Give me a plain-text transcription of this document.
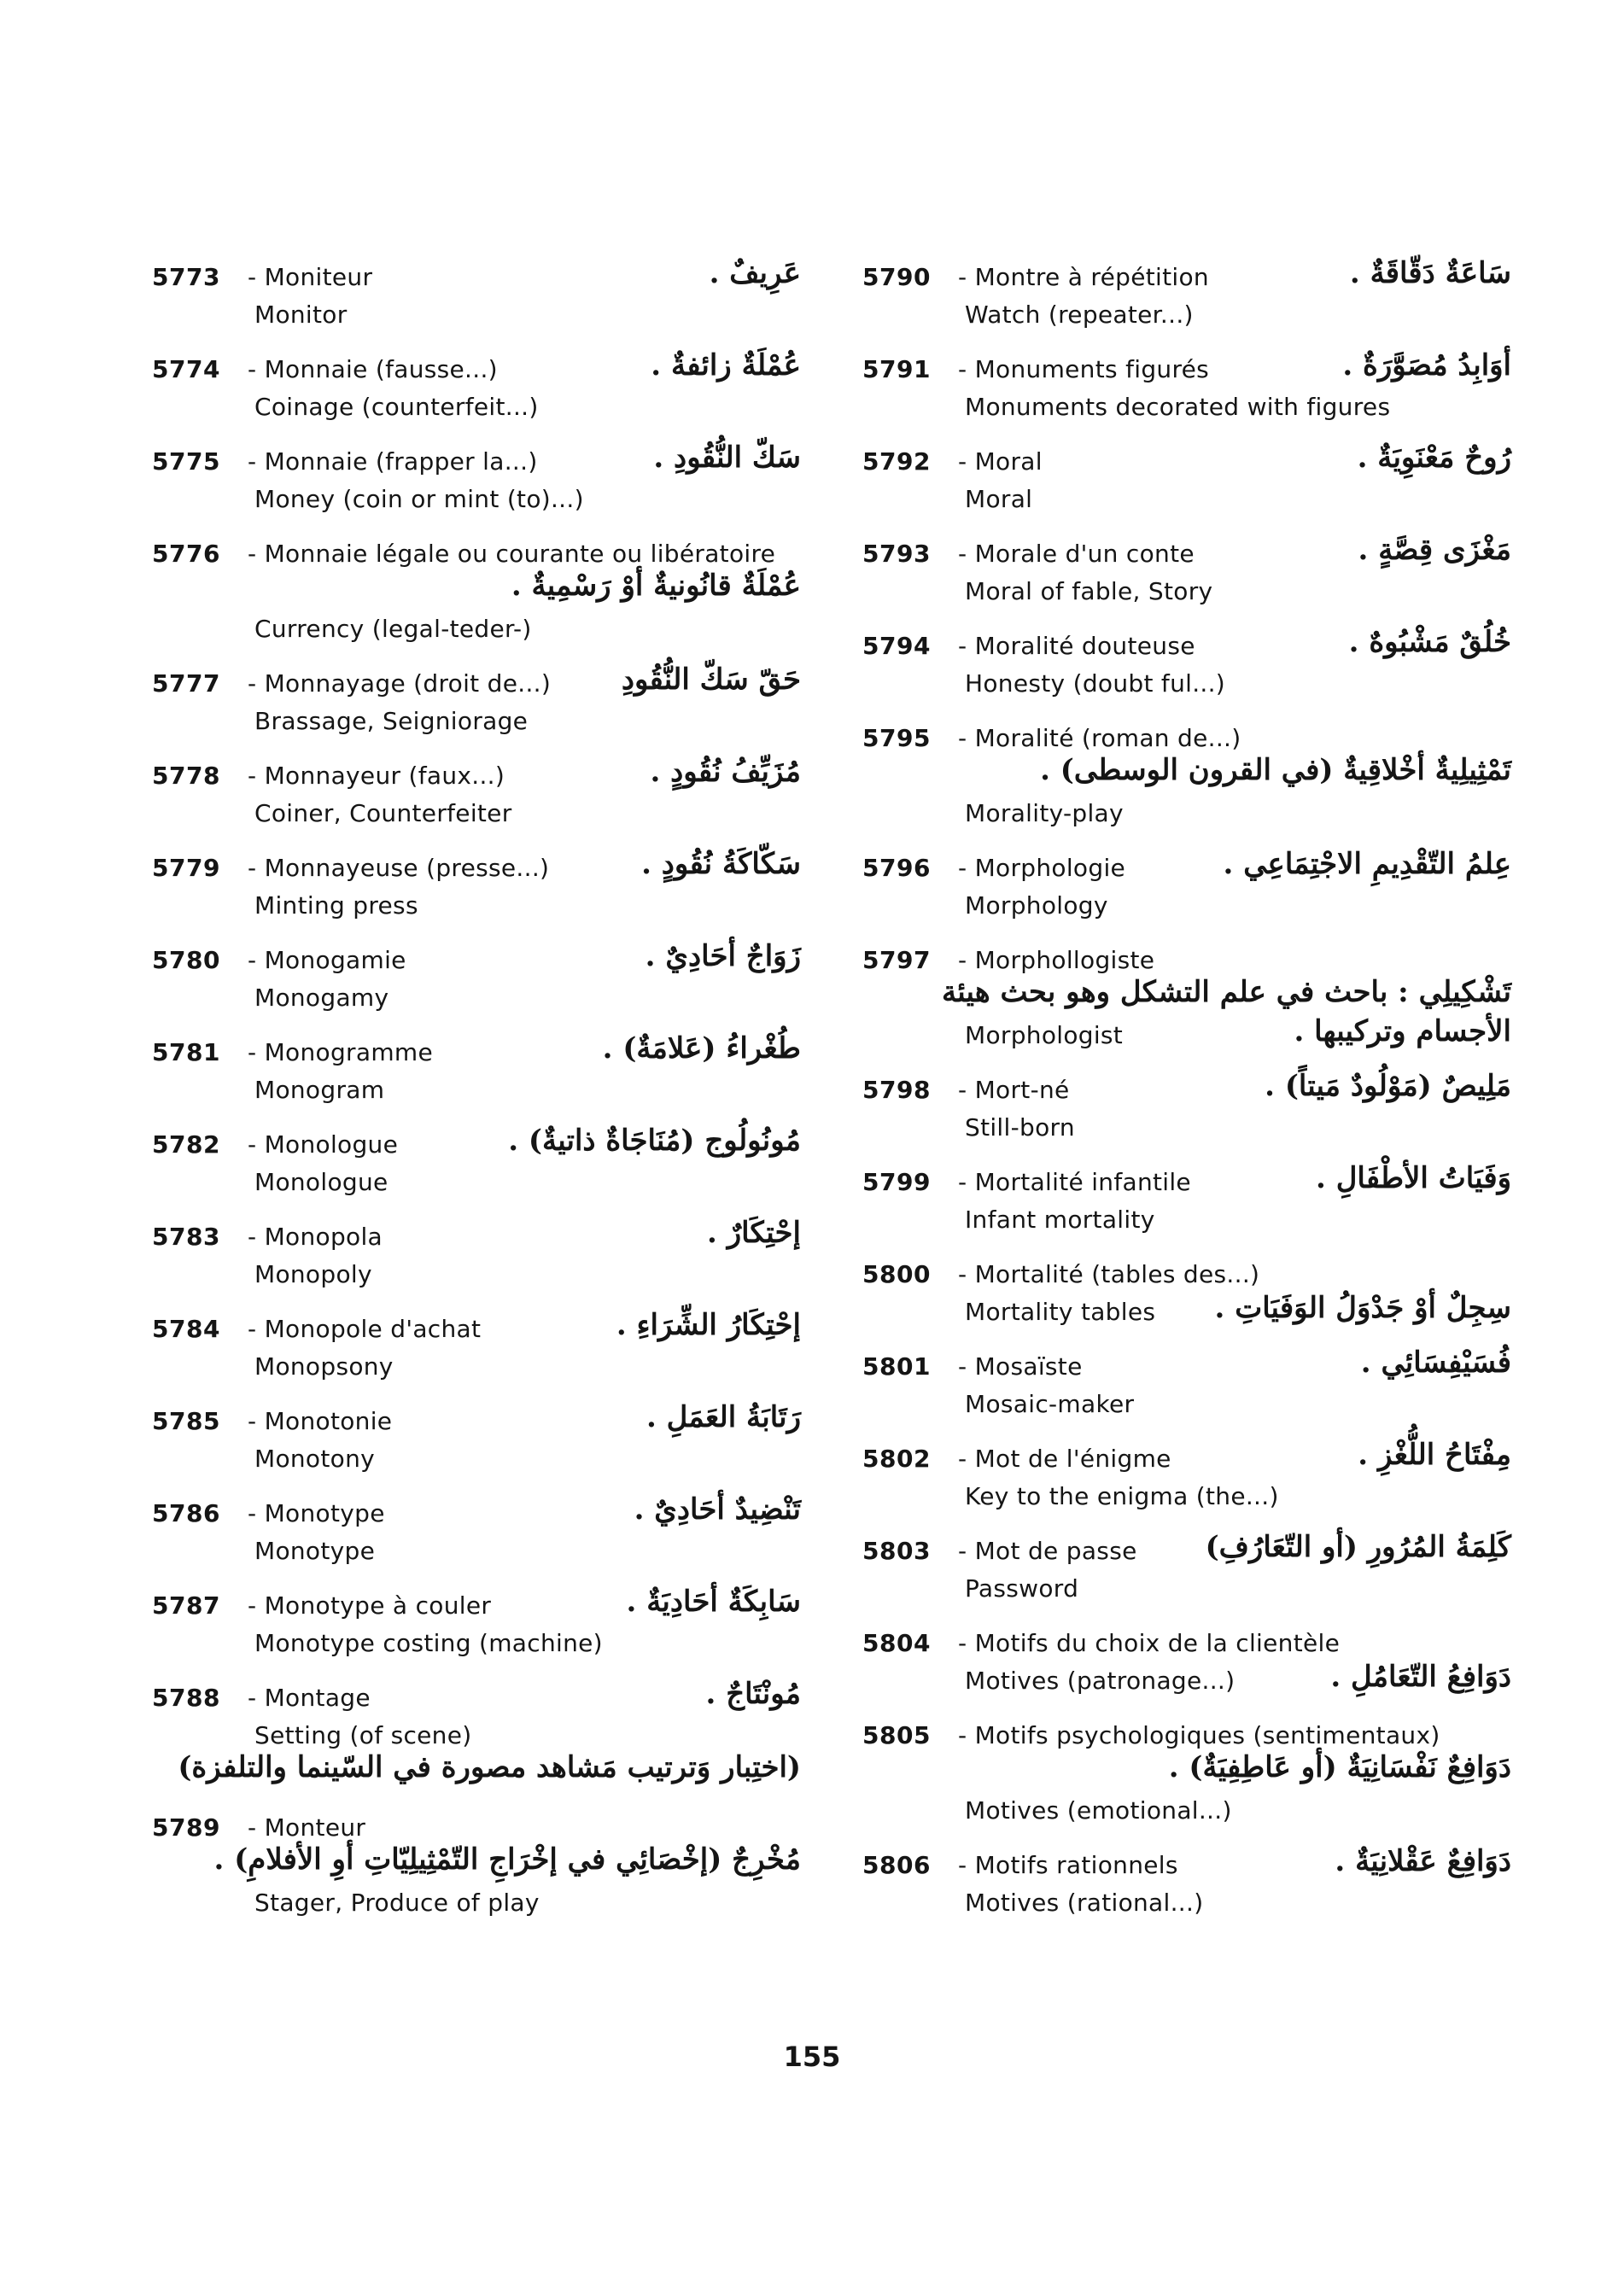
5773	- Moniteur	‏عَرِيفٌ .
Monitor
5774	- Monnaie (fausse...)	‏عُمْلَةٌ زائفةٌ .
Coinage (counterfeit...)
5775	- Monnaie (frapper la...)	‏سَكّ النُّقُودِ .
Money (coin or mint (to)...)
5776	- Monnaie légale ou courante ou libératoire
‏عُمْلَةٌ قانُونيةٌ أوْ رَسْمِيةٌ .
Currency (legal-teder-)
5777	- Monnayage (droit de...) ‏حَقّ سَكّ النُّقُودِ
Brassage, Seigniorage
5778	- Monnayeur (faux...)	‏مُزَيِّفُ نُقُودٍ .
Coiner, Counterfeiter
5779	- Monnayeuse (presse...)	‏سَكّاكَةُ نُقُودٍ .
Minting press
5780	- Monogamie	‏زَوَاجٌ أحَادِيٌ .
Monogamy
5781	- Monogramme	‏طُغْراءُ (عَلامَةٌ) .
Monogram
5782	- Monologue	‏مُونُولُوج (مُنَاجَاةٌ ذاتيةٌ) .
Monologue
5783	- Monopola	‏إحْتِكَارٌ .
Monopoly
5784	- Monopole d'achat	‏إحْتِكَارُ الشِّرَاءِ .
Monopsony
5785	- Monotonie	‏رَتَابَةُ العَمَلِ .
Monotony
5786	- Monotype	‏تَنْضِيدٌ أحَادِيٌ .
Monotype
5787	- Monotype à couler	‏سَابِكَةٌ أحَادِيَةٌ .
Monotype costing (machine)
5788	- Montage	‏مُونْتَاجٌ .
Setting (of scene)
‏(اختِبار وَترتيب مَشاهد مصورة في السّينما والتلفزة)
5789	- Monteur
‏مُخْرِجٌ (إخْصَائِي في إخْرَاجِ التّمْثِيلِيّاتِ أوِ الأفلامِ) .
Stager, Produce of play
5790	- Montre à répétition	‏سَاعَةٌ دَقّاقَةٌ .
Watch (repeater...)
5791	- Monuments figurés	‏أوَابِدُ مُصَوَّرَةٌ .
Monuments decorated with figures
5792	- Moral	‏رُوحٌ مَعْنَوِيَةٌ .
Moral
5793	- Morale d'un conte	‏مَغْزَى قِصَّةٍ .
Moral of fable, Story
5794	- Moralité douteuse	‏خُلُقٌ مَشْبُوهٌ .
Honesty (doubt ful...)
5795	- Moralité (roman de...)
‏تَمْثِيلِيةٌ أخْلاقِيةٌ (في القرون الوسطى) .
Morality-play
5796	- Morphologie	‏عِلمُ التّقْدِيمِ الاجْتِمَاعِي .
Morphology
5797	- Morphollogiste
‏تَشْكِيلِي : باحث في علم التشكل وهو بحث هيئة
Morphologist	‏الأجسام وتركيبها .
5798	- Mort-né	‏مَلِيصٌ (مَوْلُودٌ مَيتاً) .
Still-born
5799	- Mortalité infantile	‏وَفَيَاتُ الأطْفَالِ .
Infant mortality
5800	- Mortalité (tables des...)
Mortality tables ‏سِجِلٌ أوْ جَدْوَلُ الوَفَيَاتِ .
5801	- Mosaïste	‏فُسَيْفِسَائِي .
Mosaic-maker
5802	- Mot de l'énigme	‏مِفْتَاحُ اللُّغْزِ .
Key to the enigma (the...)
5803	- Mot de passe ‏كَلِمَةُ المُرُورِ (أو التّعَارُفِ)
Password
5804	- Motifs du choix de la clientèle
Motives (patronage...)	‏دَوَافِعُ التّعَامُلِ .
5805	- Motifs psychologiques (sentimentaux)
‏دَوَافِعٌ نَفْسَانِيَةٌ (أو عَاطِفِيَةٌ) .
Motives (emotional...)
5806	- Motifs rationnels	‏دَوَافِعٌ عَقْلانِيَةٌ .
Motives (rational...)
155
